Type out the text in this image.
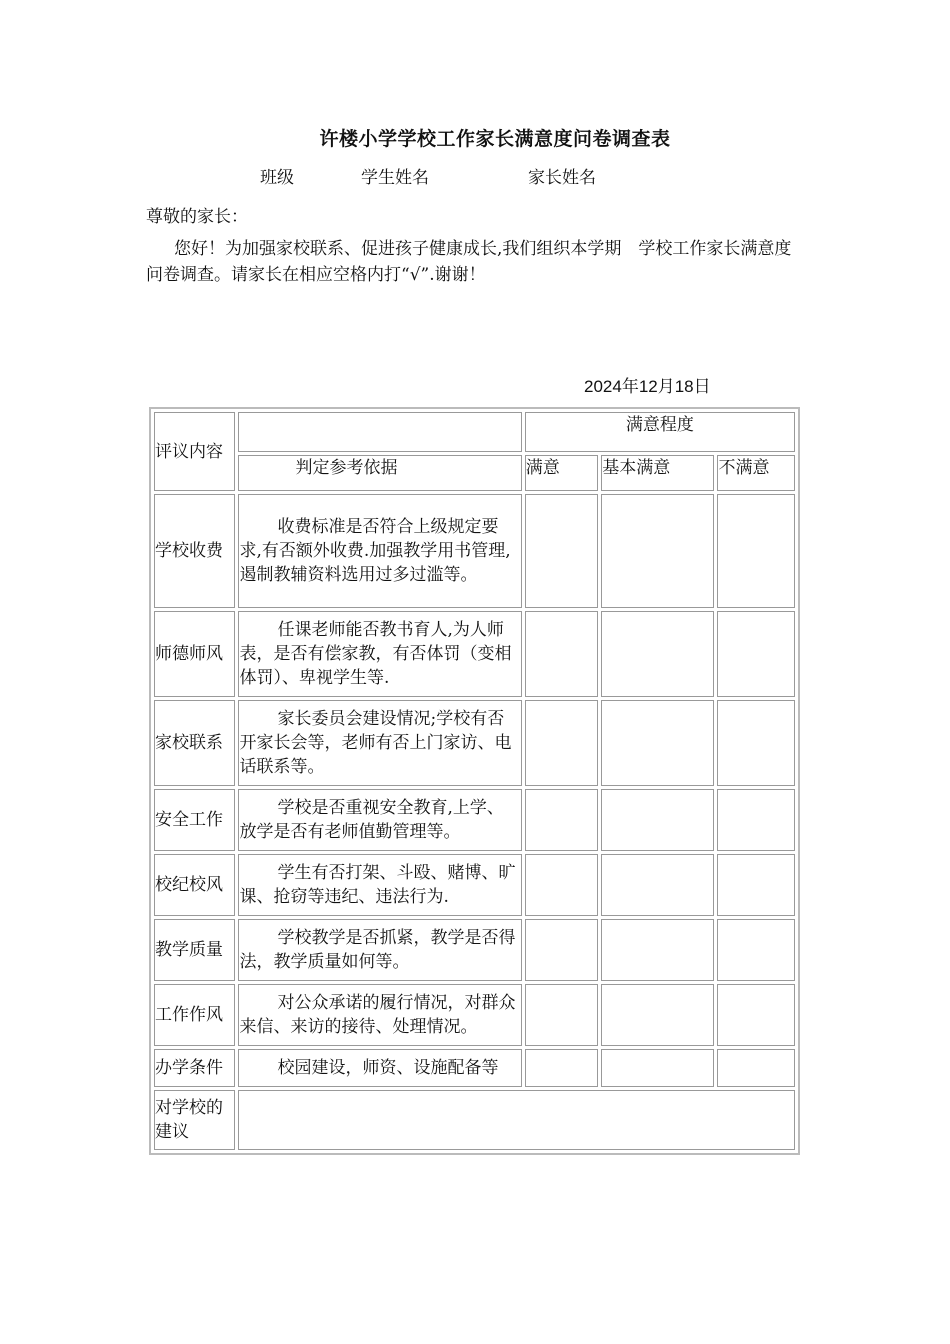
许楼小学学校工作家长满意度问卷调查表
班级	学生姓名	家长姓名
尊敬的家长：
您好！为加强家校联系、促进孩子健康成长,我们组织本学期　学校工作家长满意度问卷调查。请家长在相应空格内打“√”.谢谢！
2024年12月18日
评议内容		满意程度		
	判定参考依据	满意	基本满意	不满意
学校收费	收费标准是否符合上级规定要求,有否额外收费.加强教学用书管理,遏制教辅资料选用过多过滥等。			
师德师风	任课老师能否教书育人,为人师表，是否有偿家教，有否体罚（变相体罚）、卑视学生等.			
家校联系	家长委员会建设情况;学校有否开家长会等，老师有否上门家访、电话联系等。			
安全工作	学校是否重视安全教育,上学、放学是否有老师值勤管理等。			
校纪校风	学生有否打架、斗殴、赌博、旷课、抢窃等违纪、违法行为.			
教学质量	学校教学是否抓紧，教学是否得法，教学质量如何等。			
工作作风	对公众承诺的履行情况，对群众来信、来访的接待、处理情况。			
办学条件	校园建设，师资、设施配备等			
对学校的建议				
